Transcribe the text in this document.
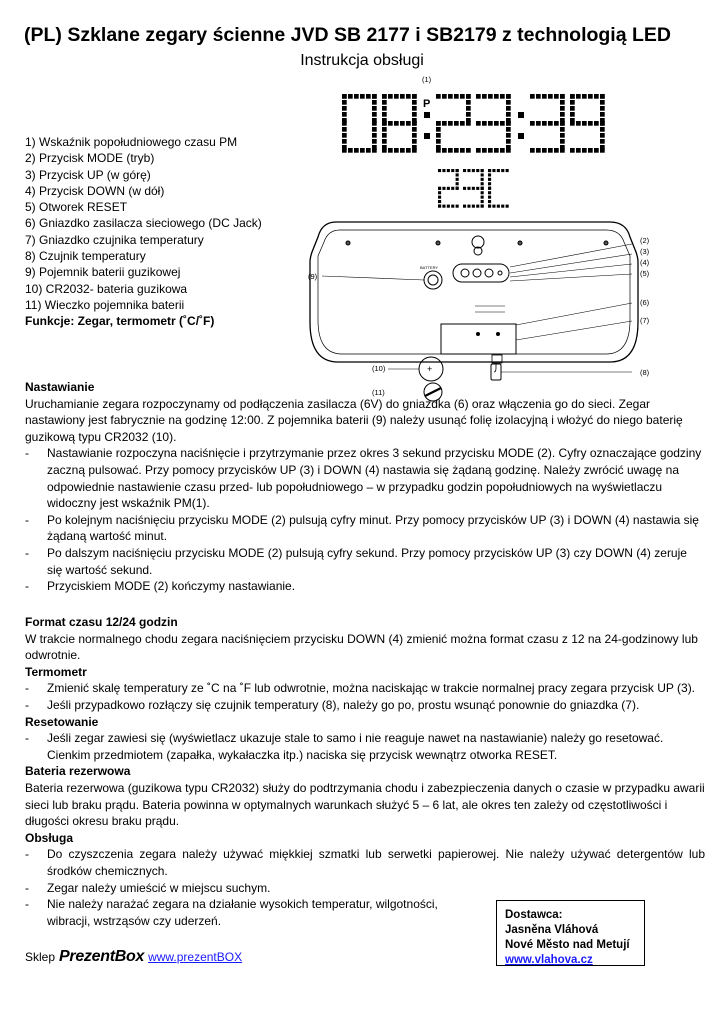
(PL) Szklane zegary ścienne JVD SB 2177 i SB2179 z technologią LED
Instrukcja obsługi
P
(1)
BATTERY
+
(2)
(3)
(4)
(5)
(6)
(7)
(8)
(9)
(10)
(11)
1) Wskaźnik popołudniowego czasu PM
2) Przycisk MODE (tryb)
3) Przycisk UP (w górę)
4) Przycisk DOWN (w dół)
5) Otworek RESET
6) Gniazdko zasilacza sieciowego (DC Jack)
7) Gniazdko czujnika temperatury
8) Czujnik temperatury
9) Pojemnik baterii guzikowej
10) CR2032- bateria guzikowa
11) Wieczko pojemnika baterii
Funkcje: Zegar, termometr (˚C/˚F)
Nastawianie
Uruchamianie zegara rozpoczynamy od podłączenia zasilacza (6V) do gniazdka (6) oraz włączenia go do sieci. Zegar nastawiony jest fabrycznie na godzinę 12:00. Z pojemnika baterii (9) należy usunąć folię izolacyjną i włożyć do niego baterię guzikową typu CR2032 (10).
- Nastawianie rozpoczyna naciśnięcie i przytrzymanie przez okres 3 sekund przycisku MODE (2). Cyfry oznaczające godziny zaczną pulsować. Przy pomocy przycisków UP (3) i DOWN (4) nastawia się żądaną godzinę. Należy zwrócić uwagę na odpowiednie nastawienie czasu przed- lub popołudniowego – w przypadku godzin popołudniowych na wyświetlaczu widoczny jest wskaźnik PM(1).
- Po kolejnym naciśnięciu przycisku MODE (2) pulsują cyfry minut. Przy pomocy przycisków UP (3) i DOWN (4) nastawia się żądaną wartość minut.
- Po dalszym naciśnięciu przycisku MODE (2) pulsują cyfry sekund. Przy pomocy przycisków UP (3) czy DOWN (4) zeruje się wartość sekund.
- Przyciskiem MODE (2) kończymy nastawianie.
Format czasu 12/24 godzin
W trakcie normalnego chodu zegara naciśnięciem przycisku DOWN (4) zmienić można format czasu z 12 na 24-godzinowy lub odwrotnie.
Termometr
- Zmienić skalę temperatury ze ˚C na ˚F lub odwrotnie, można naciskając w trakcie normalnej pracy zegara przycisk UP (3).
- Jeśli przypadkowo rozłączy się czujnik temperatury (8), należy go po, prostu wsunąć ponownie do gniazdka (7).
Resetowanie
- Jeśli zegar zawiesi się (wyświetlacz ukazuje stale to samo i nie reaguje nawet na nastawianie) należy go resetować. Cienkim przedmiotem (zapałka, wykałaczka itp.) naciska się przycisk wewnątrz otworka RESET.
Bateria rezerwowa
Bateria rezerwowa (guzikowa typu CR2032) służy do podtrzymania chodu i zabezpieczenia danych o czasie w przypadku awarii sieci lub braku prądu. Bateria powinna w optymalnych warunkach służyć 5 – 6 lat, ale okres ten zależy od częstotliwości i długości okresu braku prądu.
Obsługa
- Do czyszczenia zegara należy używać miękkiej szmatki lub serwetki papierowej. Nie należy używać detergentów lub środków chemicznych.
- Zegar należy umieścić w miejscu suchym.
- Nie należy narażać zegara na działanie wysokich temperatur, wilgotności, wibracji, wstrząsów czy uderzeń.
Sklep PrezentBox www.prezentBOX
Dostawca:
Jasněna Vláhová
Nové Město nad Metují
www.vlahova.cz
